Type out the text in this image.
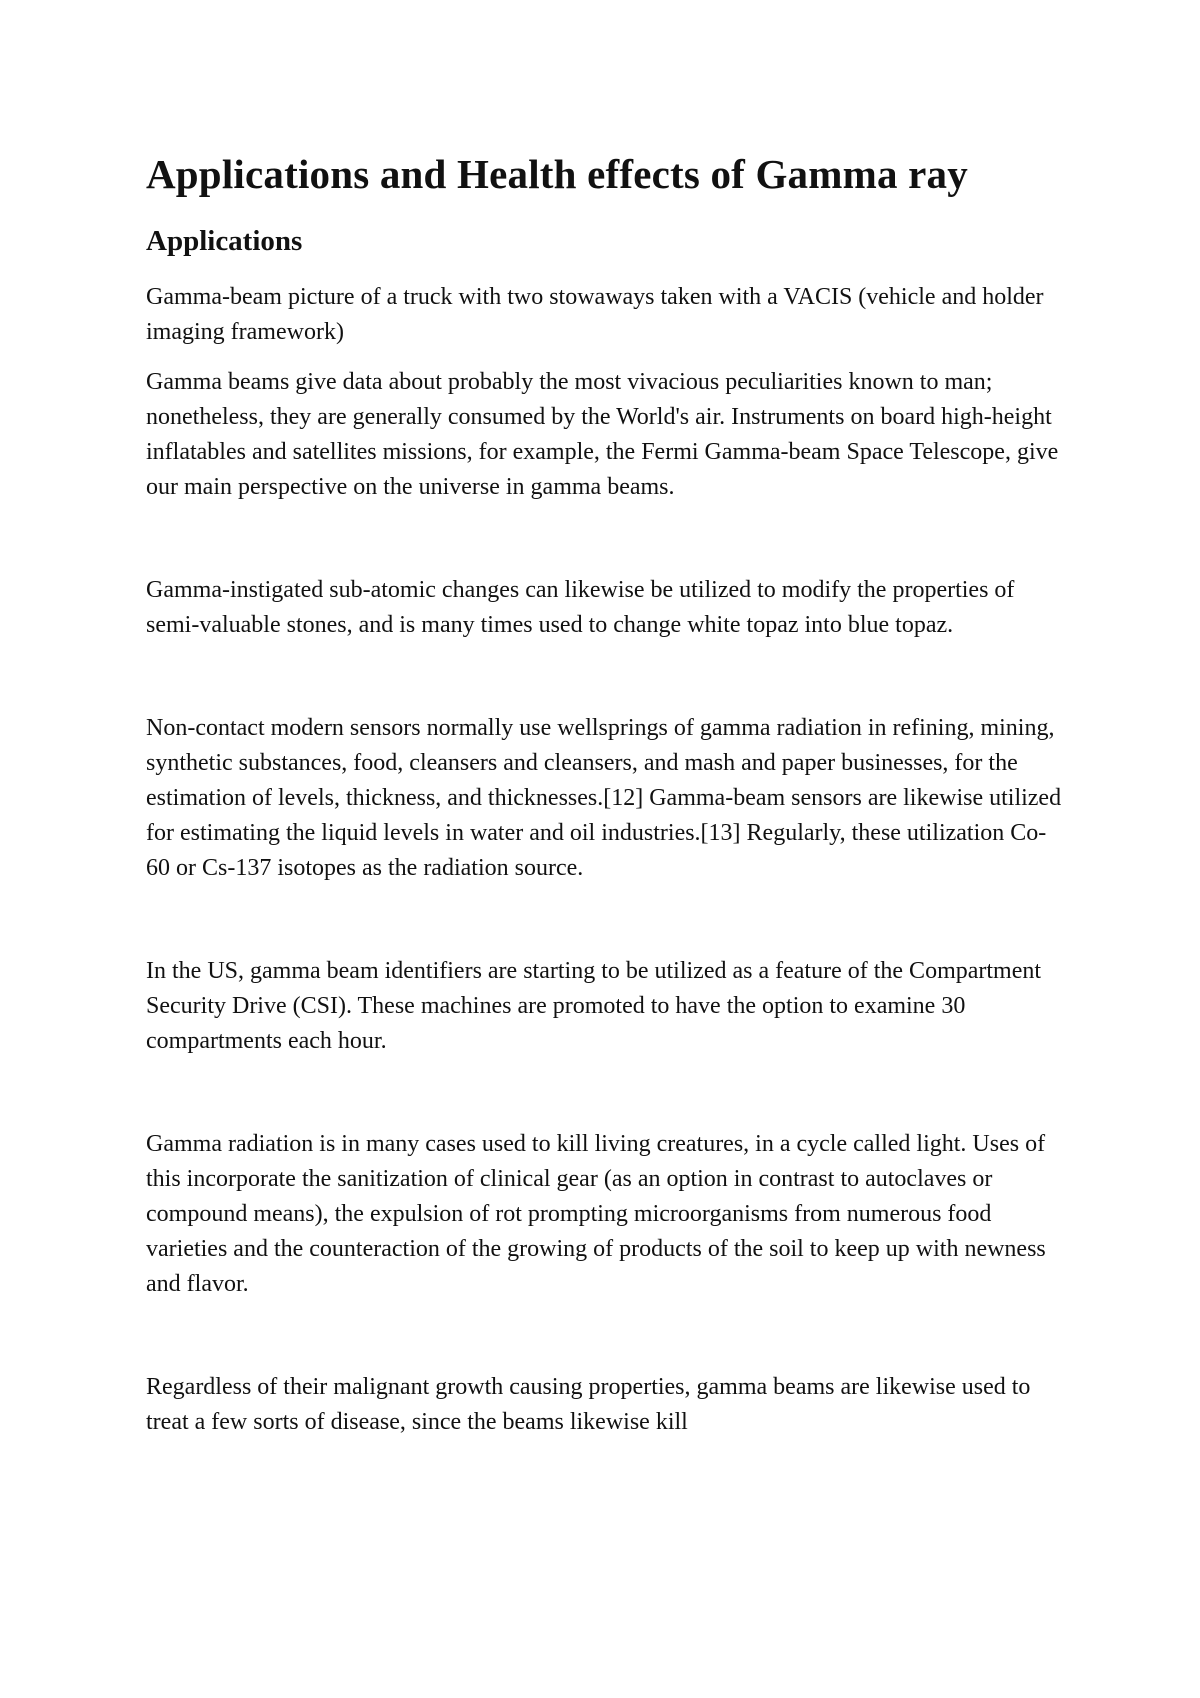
Applications and Health effects of Gamma ray
Applications

Gamma-beam picture of a truck with two stowaways taken with a VACIS (vehicle and holder imaging framework)

Gamma beams give data about probably the most vivacious peculiarities known to man; nonetheless, they are generally consumed by the World's air. Instruments on board high-height inflatables and satellites missions, for example, the Fermi Gamma-beam Space Telescope, give our main perspective on the universe in gamma beams.

Gamma-instigated sub-atomic changes can likewise be utilized to modify the properties of semi-valuable stones, and is many times used to change white topaz into blue topaz.

Non-contact modern sensors normally use wellsprings of gamma radiation in refining, mining, synthetic substances, food, cleansers and cleansers, and mash and paper businesses, for the estimation of levels, thickness, and thicknesses.[12] Gamma-beam sensors are likewise utilized for estimating the liquid levels in water and oil industries.[13] Regularly, these utilization Co-60 or Cs-137 isotopes as the radiation source.

In the US, gamma beam identifiers are starting to be utilized as a feature of the Compartment Security Drive (CSI). These machines are promoted to have the option to examine 30 compartments each hour.

Gamma radiation is in many cases used to kill living creatures, in a cycle called light. Uses of this incorporate the sanitization of clinical gear (as an option in contrast to autoclaves or compound means), the expulsion of rot prompting microorganisms from numerous food varieties and the counteraction of the growing of products of the soil to keep up with newness and flavor.

Regardless of their malignant growth causing properties, gamma beams are likewise used to treat a few sorts of disease, since the beams likewise kill
